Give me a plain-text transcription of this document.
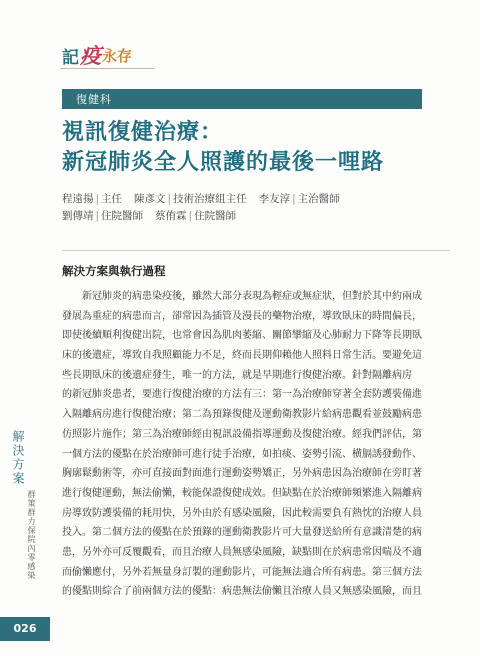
記 疫 永存
復健科
視訊復健治療：
新冠肺炎全人照護的最後一哩路
程遠揚 | 主任 陳彥文 | 技術治療組主任 李友淳 | 主治醫師
劉傳靖 | 住院醫師 蔡侑霖 | 住院醫師
解決方案與執行過程
　　新冠肺炎的病患染疫後，雖然大部分表現為輕症或無症狀，但對於其中約兩成
發展為重症的病患而言，卻常因為插管及漫長的藥物治療，導致臥床的時間偏長，
即使後續順利復健出院，也常會因為肌肉萎縮、關節攣縮及心肺耐力下降等長期臥
床的後遺症，導致自我照顧能力不足，終而長期仰賴他人照料日常生活。要避免這
些長期臥床的後遺症發生，唯一的方法，就是早期進行復健治療。針對隔離病房
的新冠肺炎患者，要進行復健治療的方法有三：第一為治療師穿著全套防護裝備進
入隔離病房進行復健治療；第二為預錄復健及運動衛教影片給病患觀看並鼓勵病患
仿照影片施作；第三為治療師經由視訊設備指導運動及復健治療。經我們評估，第
一個方法的優點在於治療師可進行徒手治療，如拍痰、姿勢引流、横膈誘發動作、
胸廓鬆動術等，亦可直接面對面進行運動姿勢矯正，另外病患因為治療師在旁盯著
進行復健運動，無法偷懶，較能保證復健成效。但缺點在於治療師頻繁進入隔離病
房導致防護裝備的耗用快，另外由於有感染風險，因此較需要負有熱忱的治療人員
投入。第二個方法的優點在於預錄的運動衛教影片可大量發送給所有意識清楚的病
患，另外亦可反覆觀看，而且治療人員無感染風險，缺點則在於病患常因喘及不適
而偷懶應付，另外若無量身訂製的運動影片，可能無法適合所有病患。第三個方法
的優點則綜合了前兩個方法的優點：病患無法偷懶且治療人員又無感染風險，而且
解決方案
群策群力保院內零感染
026
